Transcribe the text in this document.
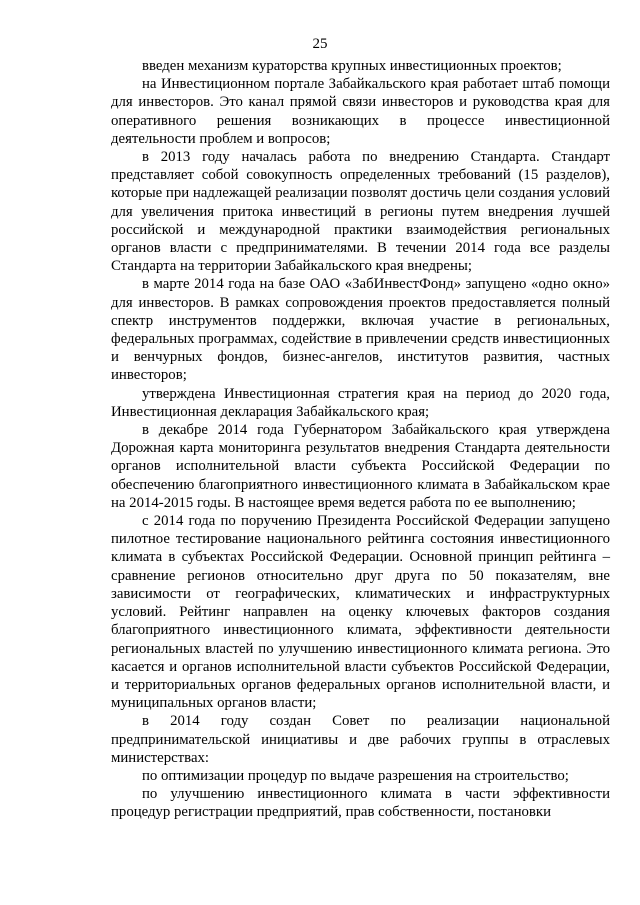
25

введен механизм кураторства крупных инвестиционных проектов;

на Инвестиционном портале Забайкальского края работает штаб помощи для инвесторов. Это канал прямой связи инвесторов и руководства края для оперативного решения возникающих в процессе инвестиционной деятельности проблем и вопросов;

в 2013 году началась работа по внедрению Стандарта. Стандарт представляет собой совокупность определенных требований (15 разделов), которые при надлежащей реализации позволят достичь цели создания условий для увеличения притока инвестиций в регионы путем внедрения лучшей российской и международной практики взаимодействия региональных органов власти с предпринимателями. В течении 2014 года все разделы Стандарта на территории Забайкальского края внедрены;

в марте 2014 года на базе ОАО «ЗабИнвестФонд» запущено «одно окно» для инвесторов. В рамках сопровождения проектов предоставляется полный спектр инструментов поддержки, включая участие в региональных, федеральных программах, содействие в привлечении средств инвестиционных и венчурных фондов, бизнес-ангелов, институтов развития, частных инвесторов;

утверждена Инвестиционная стратегия края на период до 2020 года, Инвестиционная декларация Забайкальского края;

в декабре 2014 года Губернатором Забайкальского края утверждена Дорожная карта мониторинга результатов внедрения Стандарта деятельности органов исполнительной власти субъекта Российской Федерации по обеспечению благоприятного инвестиционного климата в Забайкальском крае на 2014-2015 годы. В настоящее время ведется работа по ее выполнению;

с 2014 года по поручению Президента Российской Федерации запущено пилотное тестирование национального рейтинга состояния инвестиционного климата в субъектах Российской Федерации. Основной принцип рейтинга – сравнение регионов относительно друг друга по 50 показателям, вне зависимости от географических, климатических и инфраструктурных условий. Рейтинг направлен на оценку ключевых факторов создания благоприятного инвестиционного климата, эффективности деятельности региональных властей по улучшению инвестиционного климата региона. Это касается и органов исполнительной власти субъектов Российской Федерации, и территориальных органов федеральных органов исполнительной власти, и муниципальных органов власти;

в 2014 году создан Совет по реализации национальной предпринимательской инициативы и две рабочих группы в отраслевых министерствах:

по оптимизации процедур по выдаче разрешения на строительство;

по улучшению инвестиционного климата в части эффективности процедур регистрации предприятий, прав собственности, постановки
